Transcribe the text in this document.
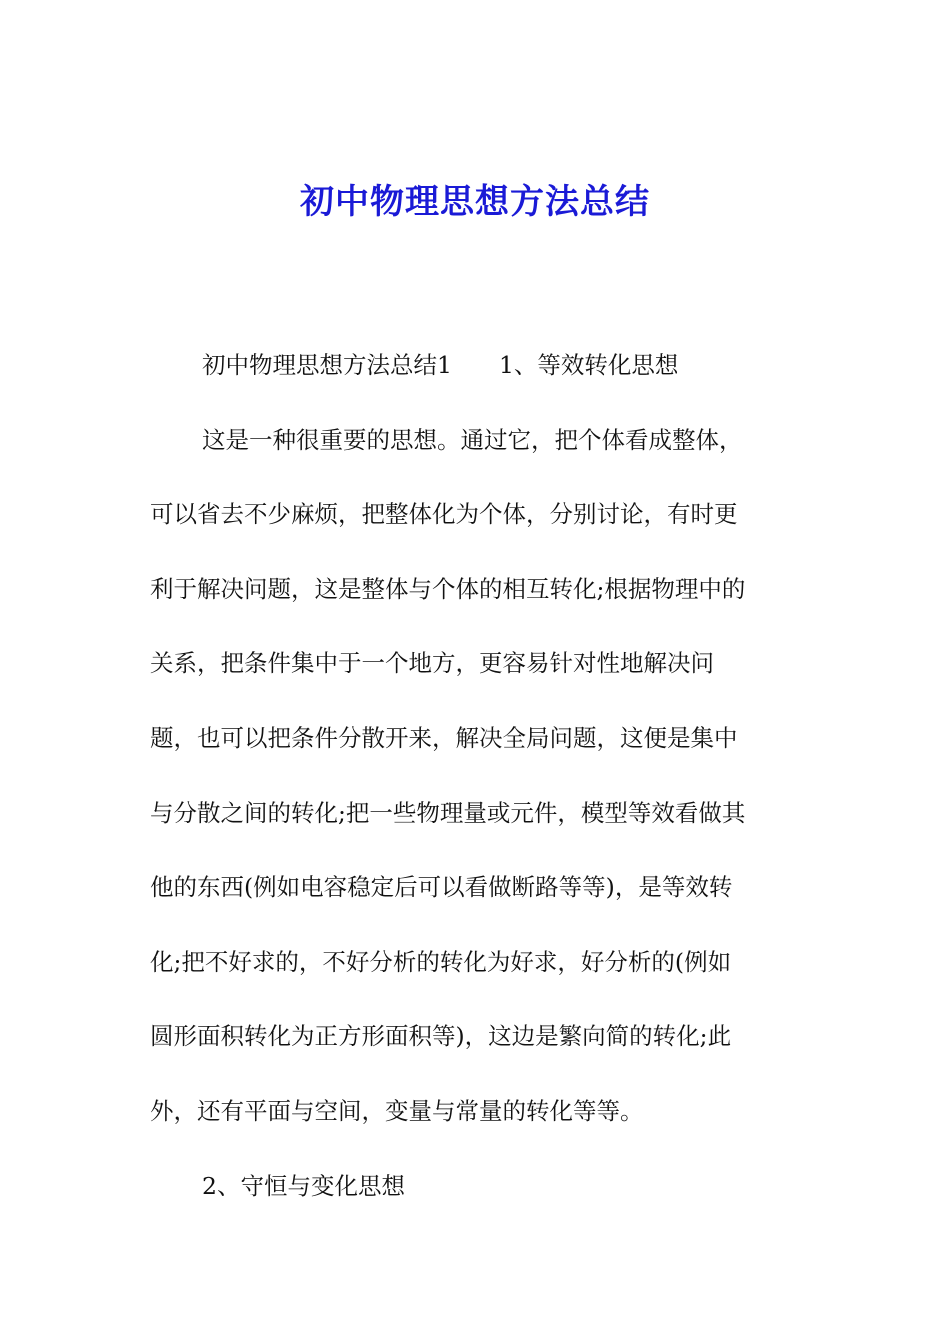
初中物理思想方法总结
初中物理思想方法总结1　　1、等效转化思想
这是一种很重要的思想。通过它，把个体看成整体，
可以省去不少麻烦，把整体化为个体，分别讨论，有时更
利于解决问题，这是整体与个体的相互转化;根据物理中的
关系，把条件集中于一个地方，更容易针对性地解决问
题，也可以把条件分散开来，解决全局问题，这便是集中
与分散之间的转化;把一些物理量或元件，模型等效看做其
他的东西(例如电容稳定后可以看做断路等等)，是等效转
化;把不好求的，不好分析的转化为好求，好分析的(例如
圆形面积转化为正方形面积等)，这边是繁向简的转化;此
外，还有平面与空间，变量与常量的转化等等。
2、守恒与变化思想
